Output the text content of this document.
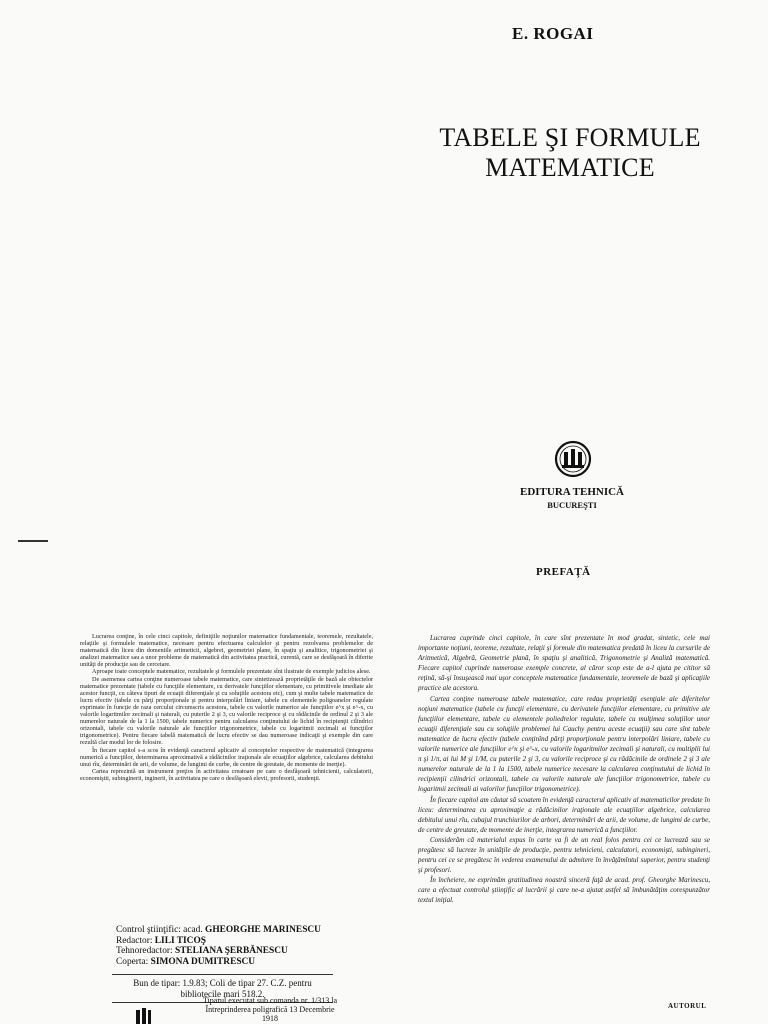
E. ROGAI
TABELE ŞI FORMULE
MATEMATICE
EDITURA TEHNICĂ
BUCUREŞTI
PREFAŢĂ

Lucrarea conţine, în cele cinci capitole, definiţiile noţiunilor matematice fundamentale, teoremele, rezultatele, relaţiile şi formulele matematice, necesare pentru efectuarea calculelor şi pentru rezolvarea problemelor de matematică din liceu din domeniile aritmeticii, algebrei, geometriei plane, în spaţiu şi analitice, trigonometriei şi analizei matematice sau a unor probleme de matematică din activitatea practică, curentă, care se desfăşoară în diferite unităţi de producţie sau de cercetare.

Aproape toate conceptele matematice, rezultatele şi formulele prezentate sînt ilustrate de exemple judicios alese.

De asemenea cartea conţine numeroase tabele matematice, care sintetizează proprietăţile de bază ale obiectelor matematice prezentate (tabele cu funcţiile elementare, cu derivatele funcţiilor elementare, cu primitivele imediate ale acestor funcţii, cu câteva tipuri de ecuaţii diferenţiale şi cu soluţiile acestora etc), cum şi multe tabele matematice de lucru efectiv (tabele cu părţi proporţionale şi pentru interpolări liniare, tabele cu elementele poligoanelor regulate exprimate în funcţie de raza cercului circumscris acestora, tabele cu valorile numerice ale funcţiilor e^x şi e^-x, cu valorile logaritmilor zecimali şi naturali, cu puterile 2 şi 3, cu valorile reciproce şi cu rădăcinile de ordinul 2 şi 3 ale numerelor naturale de la 1 la 1500, tabele numerice pentru calcularea conţinutului de lichid în recipienţii cilindrici orizontali, tabele cu valorile naturale ale funcţiilor trigonometrice, tabele cu logaritmii zecimali ai funcţiilor trigonometrice). Pentru fiecare tabelă matematică de lucru efectiv se dau numeroase indicaţii şi exemple din care rezultă clar modul lor de folosire.

În fiecare capitol s-a scos în evidenţă caracterul aplicativ al conceptelor respective de matematică (integrarea numerică a funcţiilor, determinarea aproximativă a rădăcinilor iraţionale ale ecuaţiilor algebrice, calcularea debitului unui rîu, determinări de arii, de volume, de lungimi de curbe, de centre de greutate, de momente de inerţie).

Cartea reprezintă un instrument preţios în activitatea creatoare pe care o desfăşoară tehnicienii, calculatorii, economiştii, subinginerii, inginerii, în activitatea pe care o desfăşoară elevii, profesorii, studenţii.

Lucrarea cuprinde cinci capitole, în care sînt prezentate în mod gradat, sintetic, cele mai importante noţiuni, teoreme, rezultate, relaţii şi formule din matematica predată în liceu la cursurile de Aritmetică, Algebră, Geometrie plană, în spaţiu şi analitică, Trigonometrie şi Analiză matematică. Fiecare capitol cuprinde numeroase exemple concrete, al căror scop este de a-l ajuta pe cititor să reţină, să-şi însuşească mai uşor conceptele matematice fundamentale, teoremele de bază şi aplicaţiile practice ale acestora.

Cartea conţine numeroase tabele matematice, care redau proprietăţi esenţiale ale diferitelor noţiuni matematice (tabele cu funcţii elementare, cu derivatele funcţiilor elementare, cu primitive ale funcţiilor elementare, tabele cu elementele poliedrelor regulate, tabele cu mulţimea soluţiilor unor ecuaţii diferenţiale sau cu soluţiile problemei lui Cauchy pentru aceste ecuaţii) sau care sînt tabele matematice de lucru efectiv (tabele conţinînd părţi proporţionale pentru interpolări liniare, tabele cu valorile numerice ale funcţiilor e^x şi e^-x, cu valorile logaritmilor zecimali şi naturali, cu multiplii lui π şi 1/π, ai lui M şi 1/M, cu puterile 2 şi 3, cu valorile reciproce şi cu rădăcinile de ordinele 2 şi 3 ale numerelor naturale de la 1 la 1500, tabele numerice necesare la calcularea conţinutului de lichid în recipienţii cilindrici orizontali, tabele cu valorile naturale ale funcţiilor trigonometrice, tabele cu logaritmii zecimali ai valorilor funcţiilor trigonometrice).

În fiecare capitol am căutat să scoatem în evidenţă caracterul aplicativ al matematicilor predate în liceu: determinarea cu aproximaţie a rădăcinilor iraţionale ale ecuaţiilor algebrice, calcularea debitului unui rîu, cubajul trunchiurilor de arbori, determinări de arii, de volume, de lungimi de curbe, de centre de greutate, de momente de inerţie, integrarea numerică a funcţiilor.

Considerăm că materialul expus în carte va fi de un real folos pentru cei ce lucrează sau se pregătesc să lucreze în unităţile de producţie, pentru tehnicieni, calculatori, economişti, subingineri, pentru cei ce se pregătesc în vederea examenului de admitere în învăţămîntul superior, pentru studenţi şi profesori.

În încheiere, ne exprimăm gratitudinea noastră sinceră faţă de acad. prof. Gheorghe Marinescu, care a efectuat controlul ştiinţific al lucrării şi care ne-a ajutat astfel să îmbunătăţim corespunzător textul iniţial.

AUTORUL
Control ştiinţific: acad. GHEORGHE MARINESCU
Redactor: LILI TICOŞ
Tehnoredactor: STELIANA ŞERBĂNESCU
Coperta: SIMONA DUMITRESCU
Bun de tipar: 1.9.83; Coli de tipar 27. C.Z. pentru bibliotecile mari 518.2.
Tiparul executat sub comanda nr. 1/313 la Întreprinderea poligrafică 13 Decembrie 1918
